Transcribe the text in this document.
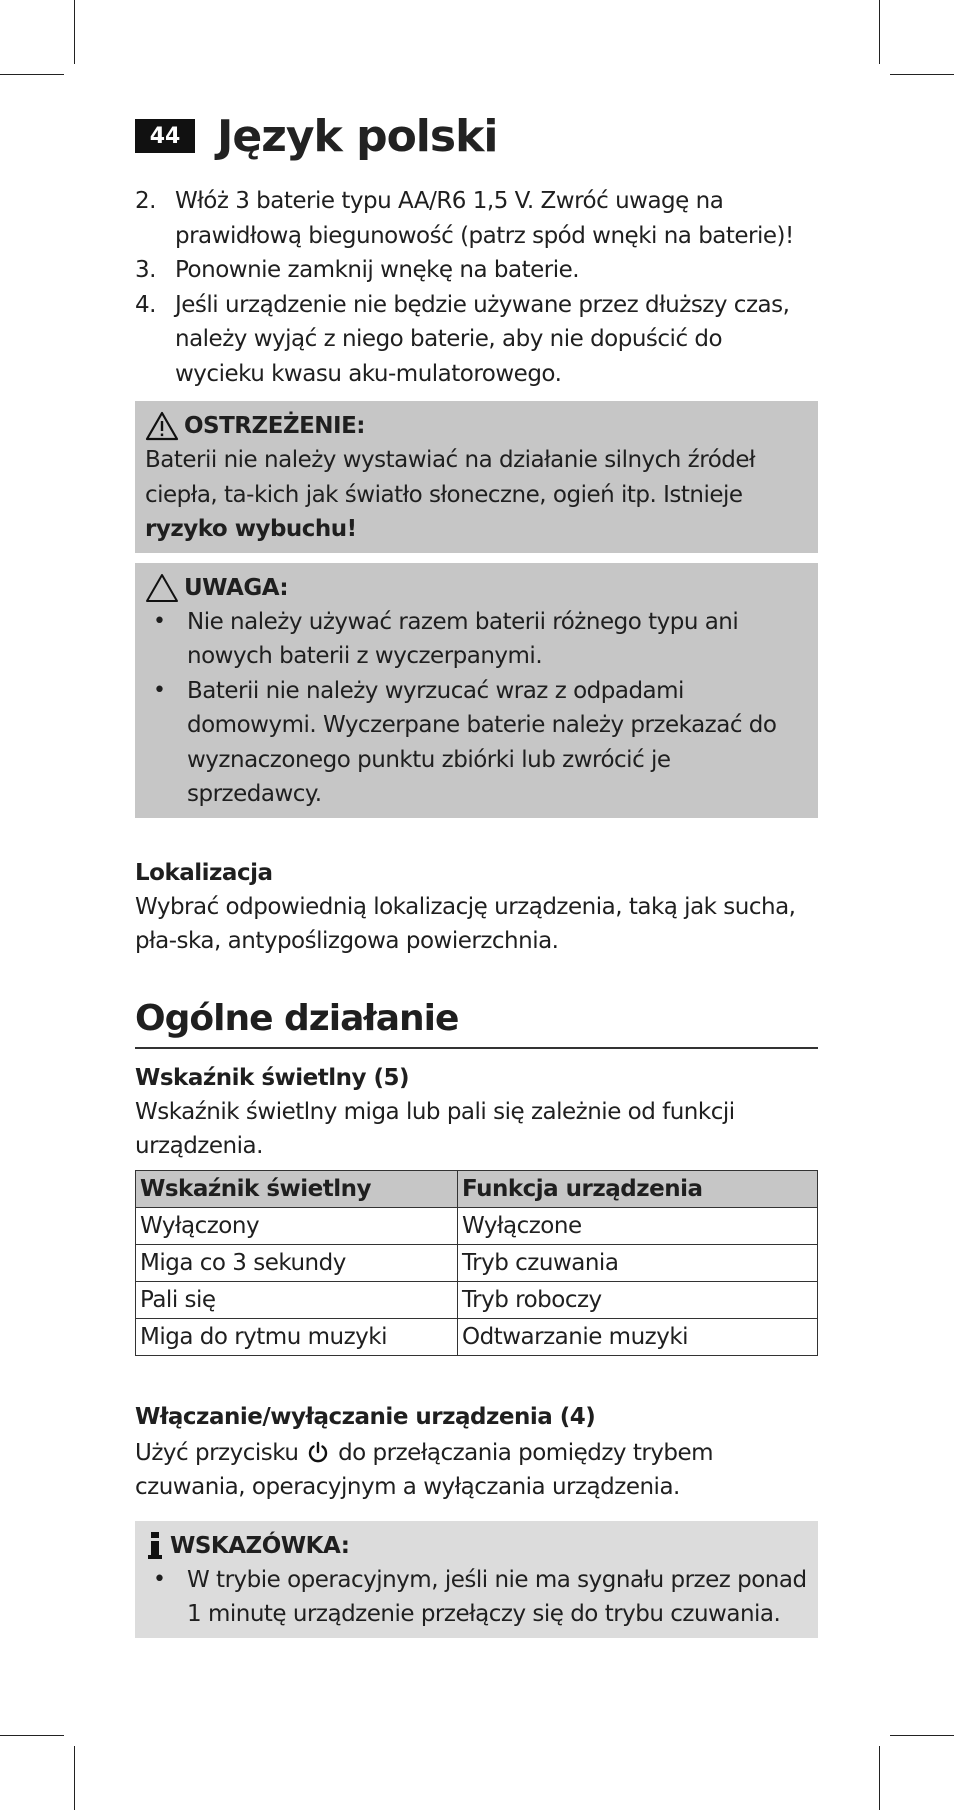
44 Język polski
2. Włóż 3 baterie typu AA/R6 1,5 V. Zwróć uwagę na prawidłową biegunowość (patrz spód wnęki na baterie)!
3. Ponownie zamknij wnękę na baterie.
4. Jeśli urządzenie nie będzie używane przez dłuższy czas, należy wyjąć z niego baterie, aby nie dopuścić do wycieku kwasu aku-mulatorowego.
OSTRZEŻENIE:

Baterii nie należy wystawiać na działanie silnych źródeł ciepła, ta-kich jak światło słoneczne, ogień itp. Istnieje ryzyko wybuchu!

UWAGA:
• Nie należy używać razem baterii różnego typu ani nowych baterii z wyczerpanymi.
• Baterii nie należy wyrzucać wraz z odpadami domowymi. Wyczerpane baterie należy przekazać do wyznaczonego punktu zbiórki lub zwrócić je sprzedawcy.
Lokalizacja

Wybrać odpowiednią lokalizację urządzenia, taką jak sucha, pła-ska, antypoślizgowa powierzchnia.

Ogólne działanie
Wskaźnik świetlny (5)

Wskaźnik świetlny miga lub pali się zależnie od funkcji urządzenia.

Wskaźnik świetlny	Funkcja urządzenia
Wyłączony	Wyłączone
Miga co 3 sekundy	Tryb czuwania
Pali się	Tryb roboczy
Miga do rytmu muzyki	Odtwarzanie muzyki
Włączanie/wyłączanie urządzenia (4)

Użyć przycisku do przełączania pomiędzy trybem czuwania, operacyjnym a wyłączania urządzenia.

WSKAZÓWKA:
• W trybie operacyjnym, jeśli nie ma sygnału przez ponad 1 minutę urządzenie przełączy się do trybu czuwania.
